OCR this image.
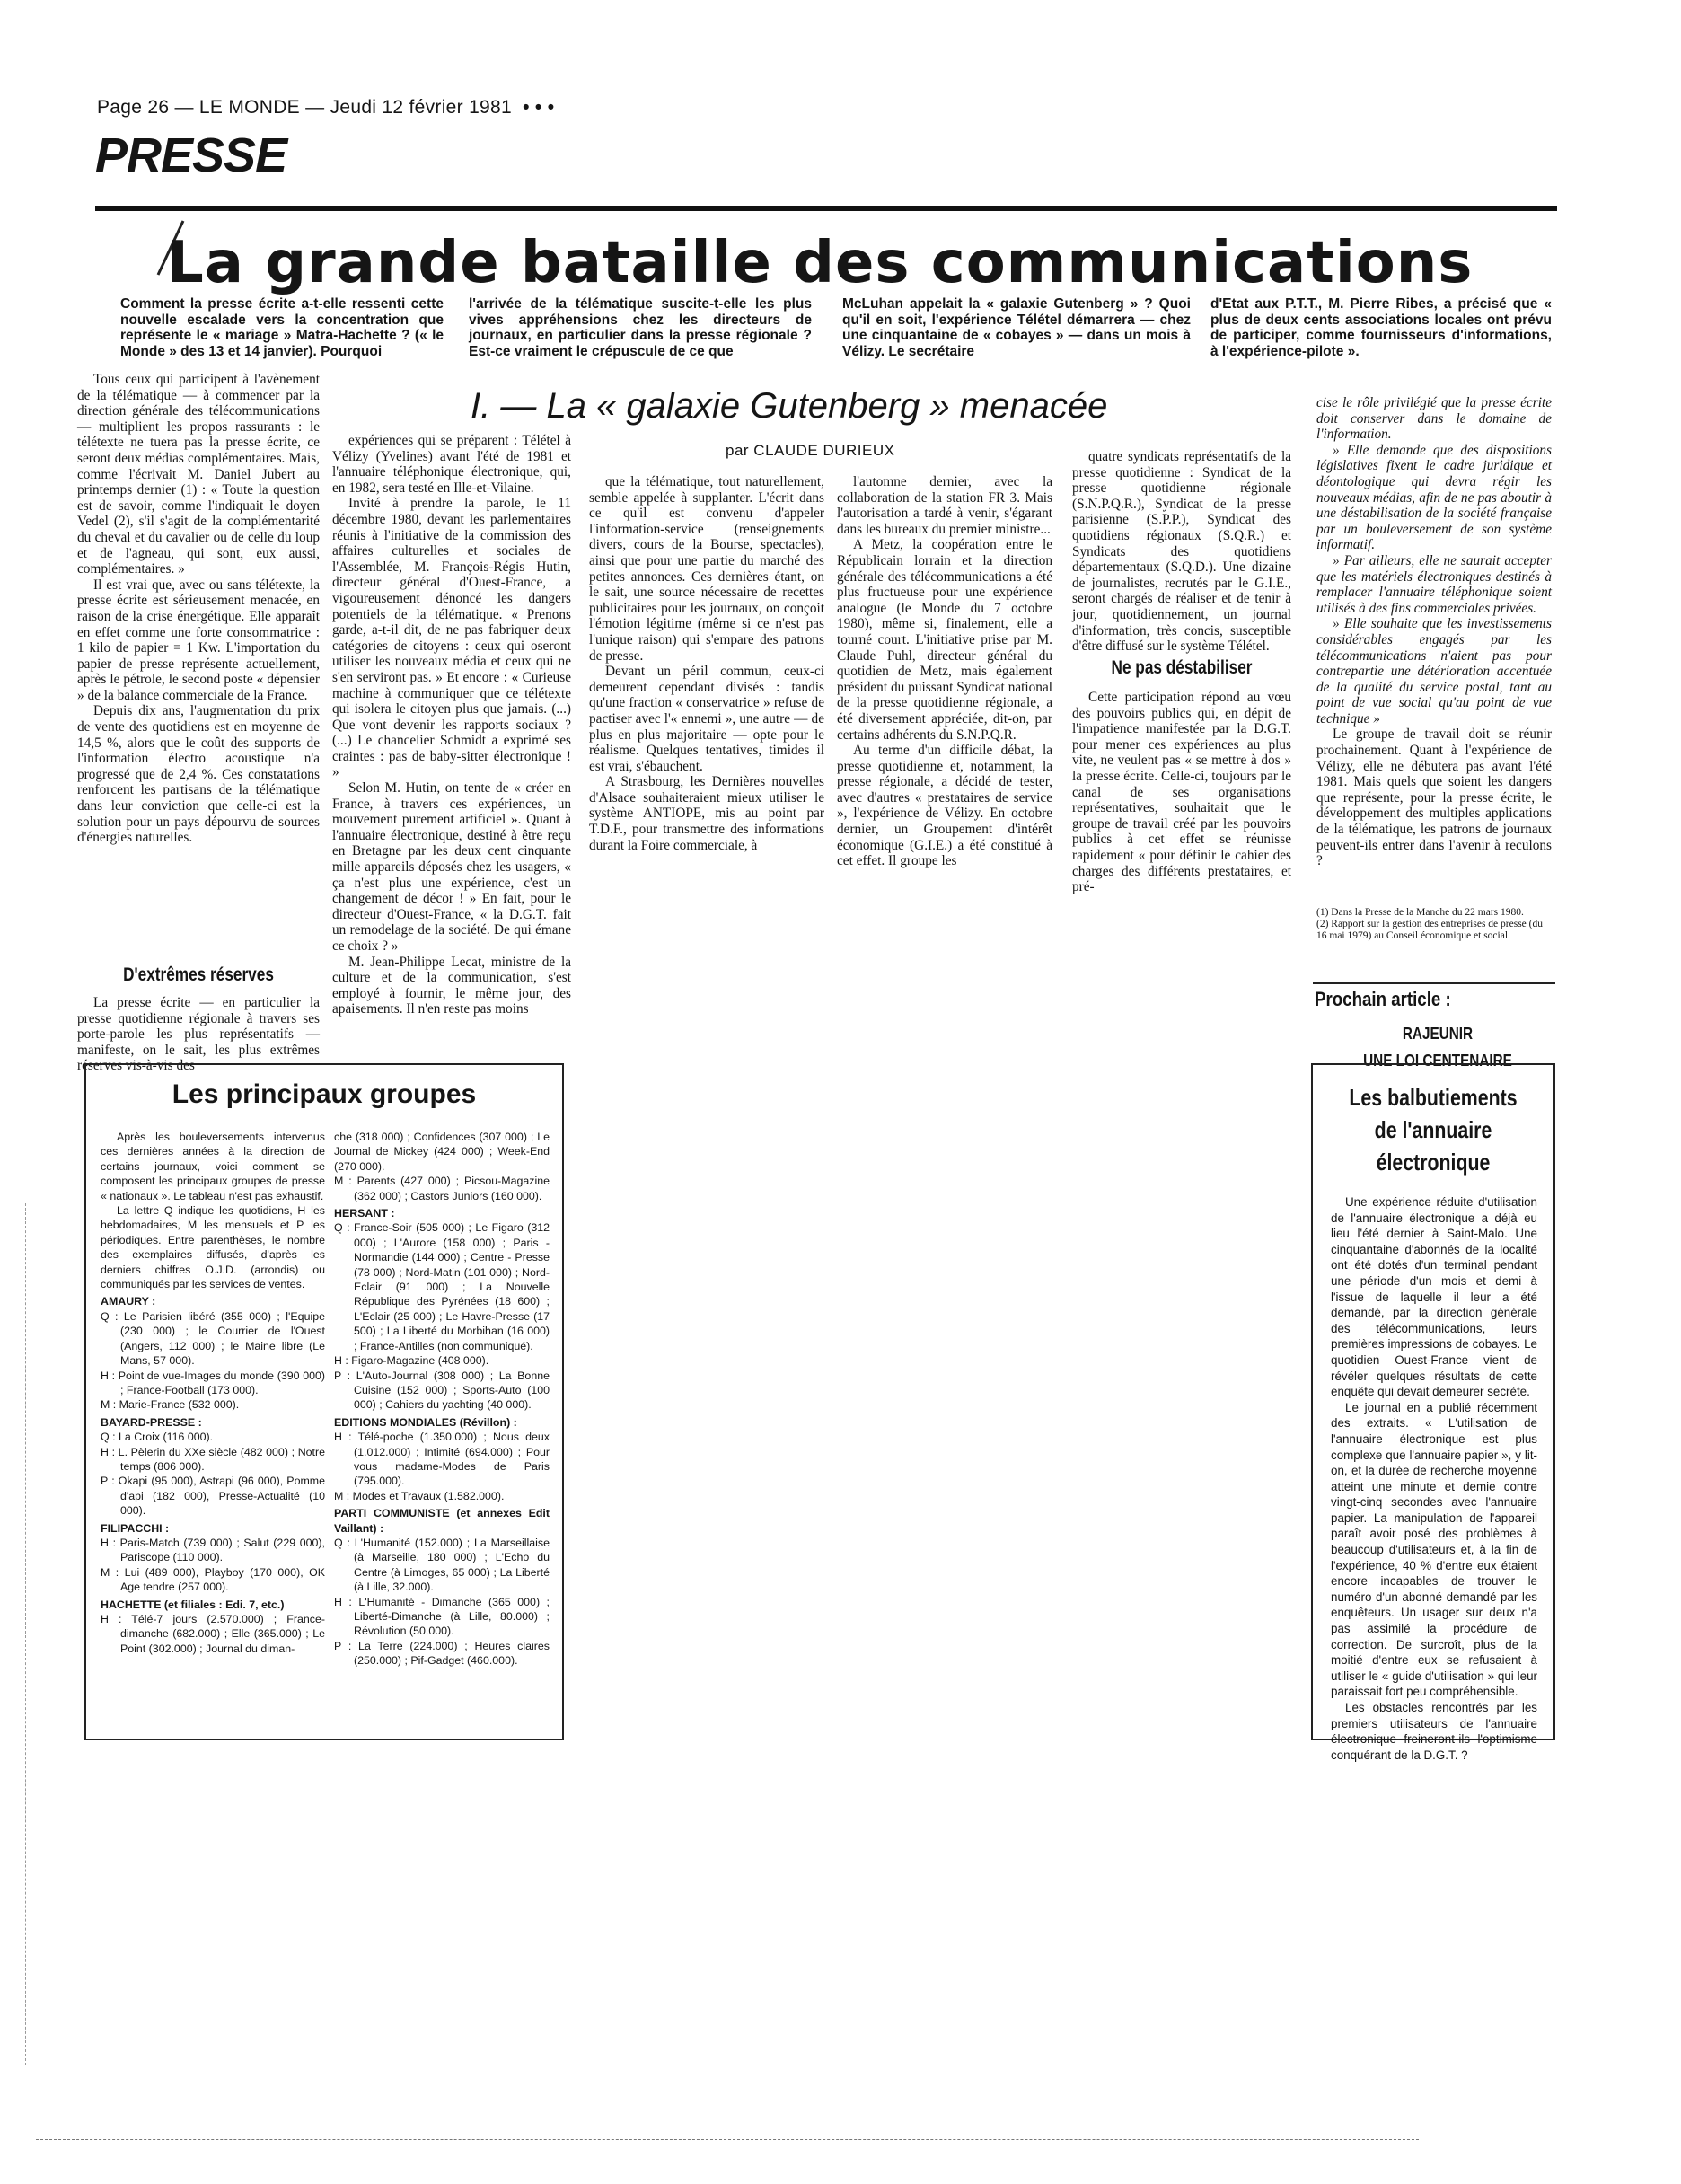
Page 26 — LE MONDE — Jeudi 12 février 1981 • • •
PRESSE
La grande bataille des communications
Comment la presse écrite a-t-elle ressenti cette nouvelle escalade vers la concentration que représente le « mariage » Matra-Hachette ? (« le Monde » des 13 et 14 janvier). Pourquoi
l'arrivée de la télématique suscite-t-elle les plus vives appréhensions chez les directeurs de journaux, en particulier dans la presse régionale ? Est-ce vraiment le crépuscule de ce que
McLuhan appelait la « galaxie Gutenberg » ? Quoi qu'il en soit, l'expérience Télétel démarrera — chez une cinquantaine de « cobayes » — dans un mois à Vélizy. Le secrétaire
d'Etat aux P.T.T., M. Pierre Ribes, a précisé que « plus de deux cents associations locales ont prévu de participer, comme fournisseurs d'informations, à l'expérience-pilote ».
I. — La « galaxie Gutenberg » menacée
par CLAUDE DURIEUX

Tous ceux qui participent à l'avènement de la télématique — à commencer par la direction générale des télécommunications — multiplient les propos rassurants : le télétexte ne tuera pas la presse écrite, ce seront deux médias complémentaires. Mais, comme l'écrivait M. Daniel Jubert au printemps dernier (1) : « Toute la question est de savoir, comme l'indiquait le doyen Vedel (2), s'il s'agit de la complémentarité du cheval et du cavalier ou de celle du loup et de l'agneau, qui sont, eux aussi, complémentaires. »

Il est vrai que, avec ou sans télétexte, la presse écrite est sérieusement menacée, en raison de la crise énergétique. Elle apparaît en effet comme une forte consommatrice : 1 kilo de papier = 1 Kw. L'importation du papier de presse représente actuellement, après le pétrole, le second poste « dépensier » de la balance commerciale de la France.

Depuis dix ans, l'augmentation du prix de vente des quotidiens est en moyenne de 14,5 %, alors que le coût des supports de l'information électro acoustique n'a progressé que de 2,4 %. Ces constatations renforcent les partisans de la télématique dans leur conviction que celle-ci est la solution pour un pays dépourvu de sources d'énergies naturelles.

D'extrêmes réserves

La presse écrite — en particulier la presse quotidienne régionale à travers ses porte-parole les plus représentatifs — manifeste, on le sait, les plus extrêmes réserves vis-à-vis des

expériences qui se préparent : Télétel à Vélizy (Yvelines) avant l'été de 1981 et l'annuaire téléphonique électronique, qui, en 1982, sera testé en Ille-et-Vilaine.

Invité à prendre la parole, le 11 décembre 1980, devant les parlementaires réunis à l'initiative de la commission des affaires culturelles et sociales de l'Assemblée, M. François-Régis Hutin, directeur général d'Ouest-France, a vigoureusement dénoncé les dangers potentiels de la télématique. « Prenons garde, a-t-il dit, de ne pas fabriquer deux catégories de citoyens : ceux qui oseront utiliser les nouveaux média et ceux qui ne s'en serviront pas. » Et encore : « Curieuse machine à communiquer que ce télétexte qui isolera le citoyen plus que jamais. (...) Que vont devenir les rapports sociaux ? (...) Le chancelier Schmidt a exprimé ses craintes : pas de baby-sitter électronique ! »

Selon M. Hutin, on tente de « créer en France, à travers ces expériences, un mouvement purement artificiel ». Quant à l'annuaire électronique, destiné à être reçu en Bretagne par les deux cent cinquante mille appareils déposés chez les usagers, « ça n'est plus une expérience, c'est un changement de décor ! » En fait, pour le directeur d'Ouest-France, « la D.G.T. fait un remodelage de la société. De qui émane ce choix ? »

M. Jean-Philippe Lecat, ministre de la culture et de la communication, s'est employé à fournir, le même jour, des apaisements. Il n'en reste pas moins

que la télématique, tout naturellement, semble appelée à supplanter. L'écrit dans ce qu'il est convenu d'appeler l'information-service (renseignements divers, cours de la Bourse, spectacles), ainsi que pour une partie du marché des petites annonces. Ces dernières étant, on le sait, une source nécessaire de recettes publicitaires pour les journaux, on conçoit l'émotion légitime (même si ce n'est pas l'unique raison) qui s'empare des patrons de presse.

Devant un péril commun, ceux-ci demeurent cependant divisés : tandis qu'une fraction « conservatrice » refuse de pactiser avec l'« ennemi », une autre — de plus en plus majoritaire — opte pour le réalisme. Quelques tentatives, timides il est vrai, s'ébauchent.

A Strasbourg, les Dernières nouvelles d'Alsace souhaiteraient mieux utiliser le système ANTIOPE, mis au point par T.D.F., pour transmettre des informations durant la Foire commerciale, à

l'automne dernier, avec la collaboration de la station FR 3. Mais l'autorisation a tardé à venir, s'égarant dans les bureaux du premier ministre...

A Metz, la coopération entre le Républicain lorrain et la direction générale des télécommunications a été plus fructueuse pour une expérience analogue (le Monde du 7 octobre 1980), même si, finalement, elle a tourné court. L'initiative prise par M. Claude Puhl, directeur général du quotidien de Metz, mais également président du puissant Syndicat national de la presse quotidienne régionale, a été diversement appréciée, dit-on, par certains adhérents du S.N.P.Q.R.

Au terme d'un difficile débat, la presse quotidienne et, notamment, la presse régionale, a décidé de tester, avec d'autres « prestataires de service », l'expérience de Vélizy. En octobre dernier, un Groupement d'intérêt économique (G.I.E.) a été constitué à cet effet. Il groupe les

quatre syndicats représentatifs de la presse quotidienne : Syndicat de la presse quotidienne régionale (S.N.P.Q.R.), Syndicat de la presse parisienne (S.P.P.), Syndicat des quotidiens régionaux (S.Q.R.) et Syndicats des quotidiens départementaux (S.Q.D.). Une dizaine de journalistes, recrutés par le G.I.E., seront chargés de réaliser et de tenir à jour, quotidiennement, un journal d'information, très concis, susceptible d'être diffusé sur le système Télétel.

Ne pas déstabiliser

Cette participation répond au vœu des pouvoirs publics qui, en dépit de l'impatience manifestée par la D.G.T. pour mener ces expériences au plus vite, ne veulent pas « se mettre à dos » la presse écrite. Celle-ci, toujours par le canal de ses organisations représentatives, souhaitait que le groupe de travail créé par les pouvoirs publics à cet effet se réunisse rapidement « pour définir le cahier des charges des différents prestataires, et pré-

cise le rôle privilégié que la presse écrite doit conserver dans le domaine de l'information.

» Elle demande que des dispositions législatives fixent le cadre juridique et déontologique qui devra régir les nouveaux médias, afin de ne pas aboutir à une déstabilisation de la société française par un bouleversement de son système informatif.

» Par ailleurs, elle ne saurait accepter que les matériels électroniques destinés à remplacer l'annuaire téléphonique soient utilisés à des fins commerciales privées.

» Elle souhaite que les investissements considérables engagés par les télécommunications n'aient pas pour contrepartie une détérioration accentuée de la qualité du service postal, tant au point de vue social qu'au point de vue technique »

Le groupe de travail doit se réunir prochainement. Quant à l'expérience de Vélizy, elle ne débutera pas avant l'été 1981. Mais quels que soient les dangers que représente, pour la presse écrite, le développement des multiples applications de la télématique, les patrons de journaux peuvent-ils entrer dans l'avenir à reculons ?

(1) Dans la Presse de la Manche du 22 mars 1980.
(2) Rapport sur la gestion des entreprises de presse (du 16 mai 1979) au Conseil économique et social.
Prochain article :
RAJEUNIR
UNE LOI CENTENAIRE
Les principaux groupes

Après les bouleversements intervenus ces dernières années à la direction de certains journaux, voici comment se composent les principaux groupes de presse « nationaux ». Le tableau n'est pas exhaustif.

La lettre Q indique les quotidiens, H les hebdomadaires, M les mensuels et P les périodiques. Entre parenthèses, le nombre des exemplaires diffusés, d'après les derniers chiffres O.J.D. (arrondis) ou communiqués par les services de ventes.

AMAURY :

Q : Le Parisien libéré (355 000) ; l'Equipe (230 000) ; le Courrier de l'Ouest (Angers, 112 000) ; le Maine libre (Le Mans, 57 000).

H : Point de vue-Images du monde (390 000) ; France-Football (173 000).

M : Marie-France (532 000).

BAYARD-PRESSE :

Q : La Croix (116 000).

H : L. Pèlerin du XXe siècle (482 000) ; Notre temps (806 000).

P : Okapi (95 000), Astrapi (96 000), Pomme d'api (182 000), Presse-Actualité (10 000).

FILIPACCHI :

H : Paris-Match (739 000) ; Salut (229 000), Pariscope (110 000).

M : Lui (489 000), Playboy (170 000), OK Age tendre (257 000).

HACHETTE (et filiales : Edi. 7, etc.)

H : Télé-7 jours (2.570.000) ; France-dimanche (682.000) ; Elle (365.000) ; Le Point (302.000) ; Journal du diman-

che (318 000) ; Confidences (307 000) ; Le Journal de Mickey (424 000) ; Week-End (270 000).

M : Parents (427 000) ; Picsou-Magazine (362 000) ; Castors Juniors (160 000).

HERSANT :

Q : France-Soir (505 000) ; Le Figaro (312 000) ; L'Aurore (158 000) ; Paris - Normandie (144 000) ; Centre - Presse (78 000) ; Nord-Matin (101 000) ; Nord-Eclair (91 000) ; La Nouvelle République des Pyrénées (18 600) ; L'Eclair (25 000) ; Le Havre-Presse (17 500) ; La Liberté du Morbihan (16 000) ; France-Antilles (non communiqué).

H : Figaro-Magazine (408 000).

P : L'Auto-Journal (308 000) ; La Bonne Cuisine (152 000) ; Sports-Auto (100 000) ; Cahiers du yachting (40 000).

EDITIONS MONDIALES (Révillon) :

H : Télé-poche (1.350.000) ; Nous deux (1.012.000) ; Intimité (694.000) ; Pour vous madame-Modes de Paris (795.000).

M : Modes et Travaux (1.582.000).

PARTI COMMUNISTE (et annexes Edit Vaillant) :

Q : L'Humanité (152.000) ; La Marseillaise (à Marseille, 180 000) ; L'Echo du Centre (à Limoges, 65 000) ; La Liberté (à Lille, 32.000).

H : L'Humanité - Dimanche (365 000) ; Liberté-Dimanche (à Lille, 80.000) ; Révolution (50.000).

P : La Terre (224.000) ; Heures claires (250.000) ; Pif-Gadget (460.000).

Les balbutiements
de l'annuaire
électronique

Une expérience réduite d'utilisation de l'annuaire électronique a déjà eu lieu l'été dernier à Saint-Malo. Une cinquantaine d'abonnés de la localité ont été dotés d'un terminal pendant une période d'un mois et demi à l'issue de laquelle il leur a été demandé, par la direction générale des télécommunications, leurs premières impressions de cobayes. Le quotidien Ouest-France vient de révéler quelques résultats de cette enquête qui devait demeurer secrète.

Le journal en a publié récemment des extraits. « L'utilisation de l'annuaire électronique est plus complexe que l'annuaire papier », y lit-on, et la durée de recherche moyenne atteint une minute et demie contre vingt-cinq secondes avec l'annuaire papier. La manipulation de l'appareil paraît avoir posé des problèmes à beaucoup d'utilisateurs et, à la fin de l'expérience, 40 % d'entre eux étaient encore incapables de trouver le numéro d'un abonné demandé par les enquêteurs. Un usager sur deux n'a pas assimilé la procédure de correction. De surcroît, plus de la moitié d'entre eux se refusaient à utiliser le « guide d'utilisation » qui leur paraissait fort peu compréhensible.

Les obstacles rencontrés par les premiers utilisateurs de l'annuaire électronique freineront-ils l'optimisme conquérant de la D.G.T. ?
